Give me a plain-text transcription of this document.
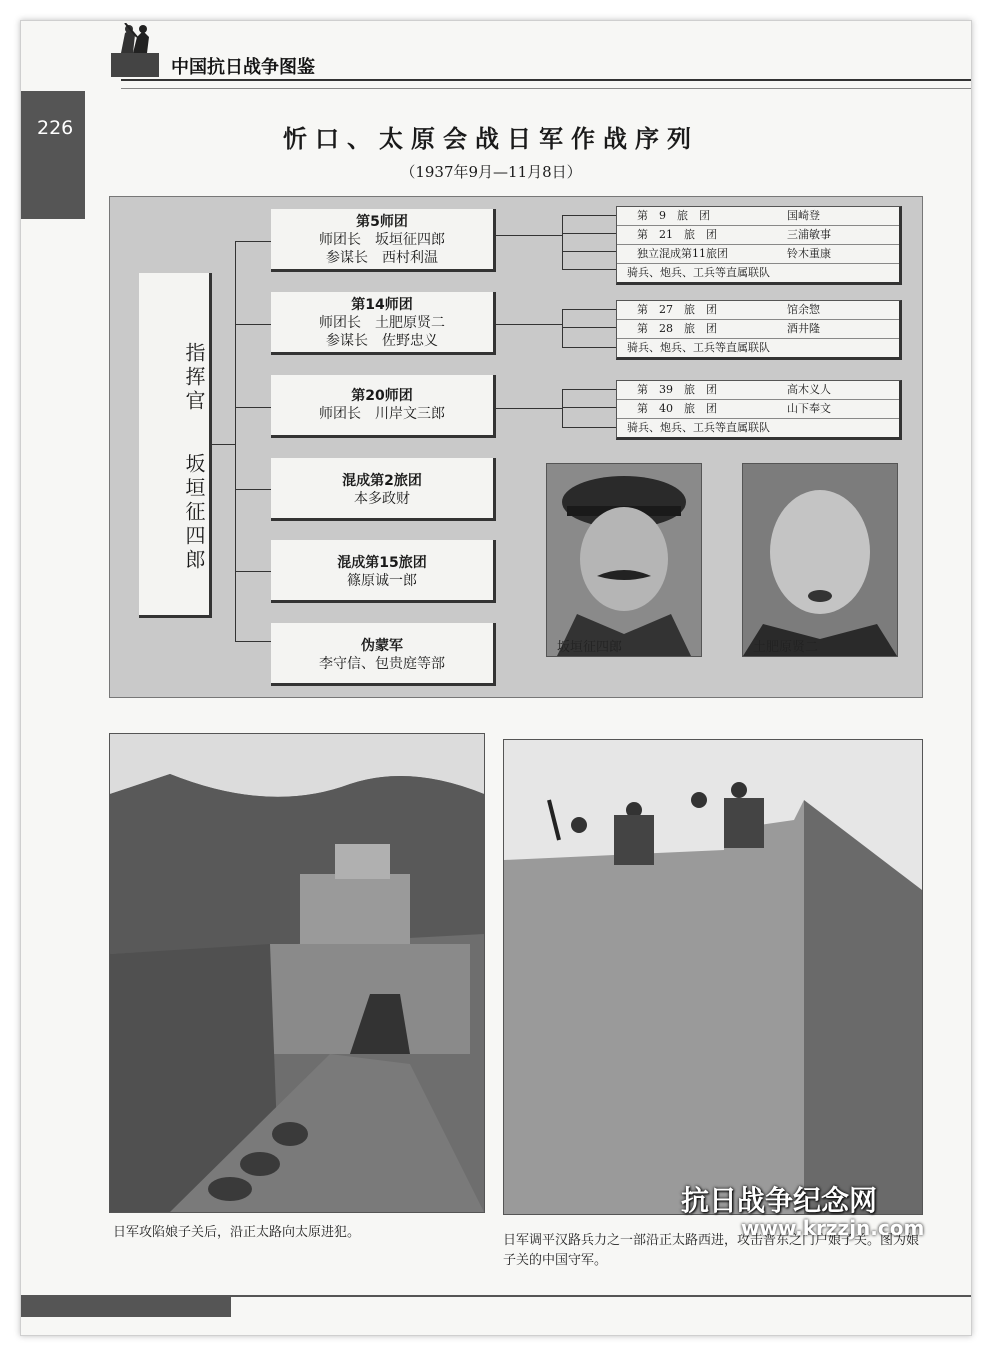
中国抗日战争图鉴
226	忻口、太原会战日军作战序列
（1937年9月—11月8日）
指挥官
坂垣征四郎
第5师团
师团长　坂垣征四郎
参谋长　西村利温
第14师团
师团长　土肥原贤二
参谋长　佐野忠义
第20师团
师团长　川岸文三郎
混成第2旅团
本多政财
混成第15旅团
篠原诚一郎
伪蒙军
李守信、包贵庭等部
第　9　旅　团	国崎登
第　21　旅　团	三浦敏事
独立混成第11旅团	铃木重康
骑兵、炮兵、工兵等直属联队
第　27　旅　团	馆余惣
第　28　旅　团	酒井隆
骑兵、炮兵、工兵等直属联队
第　39　旅　团	高木义人
第　40　旅　团	山下奉文
骑兵、炮兵、工兵等直属联队
坂垣征四郎	土肥原贤二
日军攻陷娘子关后，沿正太路向太原进犯。
日军调平汉路兵力之一部沿正太路西进，攻击晋东之门户娘子关。图为娘子关的中国守军。
抗日战争纪念网
www.krzzjn.com
